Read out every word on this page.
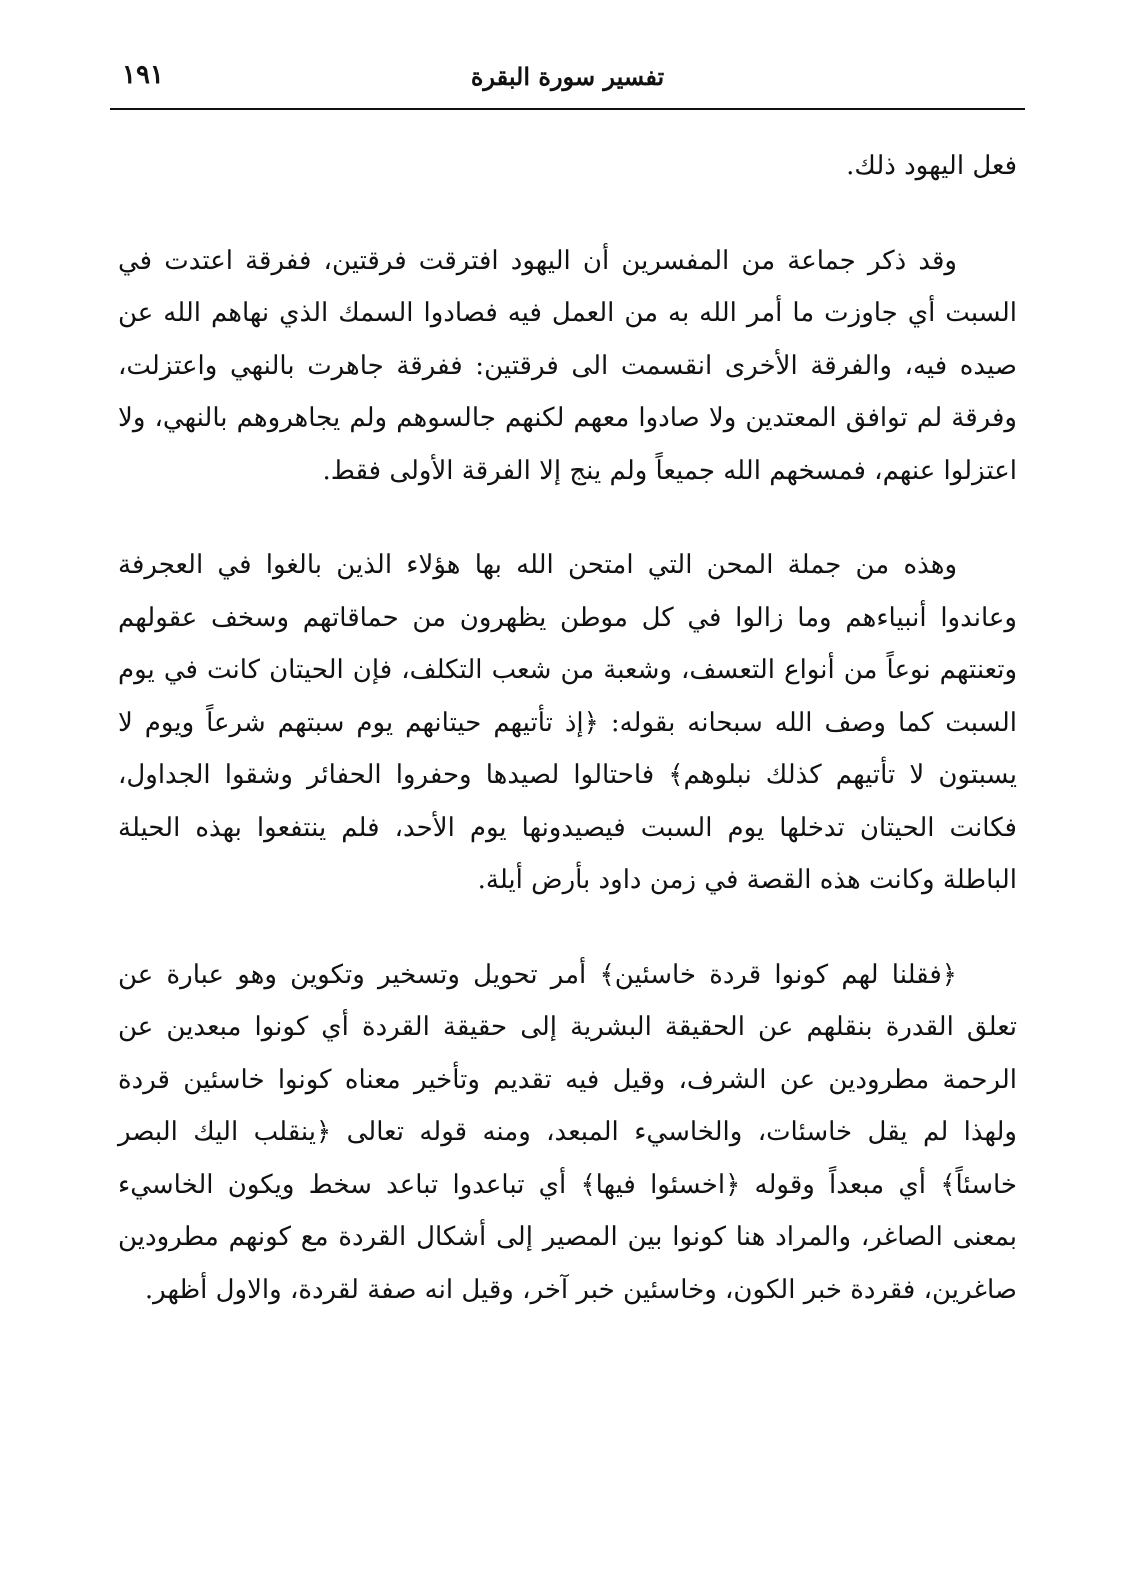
تفسير سورة البقرة
١٩١

فعل اليهود ذلك.

وقد ذكر جماعة من المفسرين أن اليهود افترقت فرقتين، ففرقة اعتدت في السبت أي جاوزت ما أمر الله به من العمل فيه فصادوا السمك الذي نهاهم الله عن صيده فيه، والفرقة الأخرى انقسمت الى فرقتين: ففرقة جاهرت بالنهي واعتزلت، وفرقة لم توافق المعتدين ولا صادوا معهم لكنهم جالسوهم ولم يجاهروهم بالنهي، ولا اعتزلوا عنهم، فمسخهم الله جميعاً ولم ينج إلا الفرقة الأولى فقط.

وهذه من جملة المحن التي امتحن الله بها هؤلاء الذين بالغوا في العجرفة وعاندوا أنبياءهم وما زالوا في كل موطن يظهرون من حماقاتهم وسخف عقولهم وتعنتهم نوعاً من أنواع التعسف، وشعبة من شعب التكلف، فإن الحيتان كانت في يوم السبت كما وصف الله سبحانه بقوله: ﴿إذ تأتيهم حيتانهم يوم سبتهم شرعاً ويوم لا يسبتون لا تأتيهم كذلك نبلوهم﴾ فاحتالوا لصيدها وحفروا الحفائر وشقوا الجداول، فكانت الحيتان تدخلها يوم السبت فيصيدونها يوم الأحد، فلم ينتفعوا بهذه الحيلة الباطلة وكانت هذه القصة في زمن داود بأرض أيلة.

﴿فقلنا لهم كونوا قردة خاسئين﴾ أمر تحويل وتسخير وتكوين وهو عبارة عن تعلق القدرة بنقلهم عن الحقيقة البشرية إلى حقيقة القردة أي كونوا مبعدين عن الرحمة مطرودين عن الشرف، وقيل فيه تقديم وتأخير معناه كونوا خاسئين قردة ولهذا لم يقل خاسئات، والخاسيء المبعد، ومنه قوله تعالى ﴿ينقلب اليك البصر خاسئاً﴾ أي مبعداً وقوله ﴿اخسئوا فيها﴾ أي تباعدوا تباعد سخط ويكون الخاسيء بمعنى الصاغر، والمراد هنا كونوا بين المصير إلى أشكال القردة مع كونهم مطرودين صاغرين، فقردة خبر الكون، وخاسئين خبر آخر، وقيل انه صفة لقردة، والاول أظهر.
